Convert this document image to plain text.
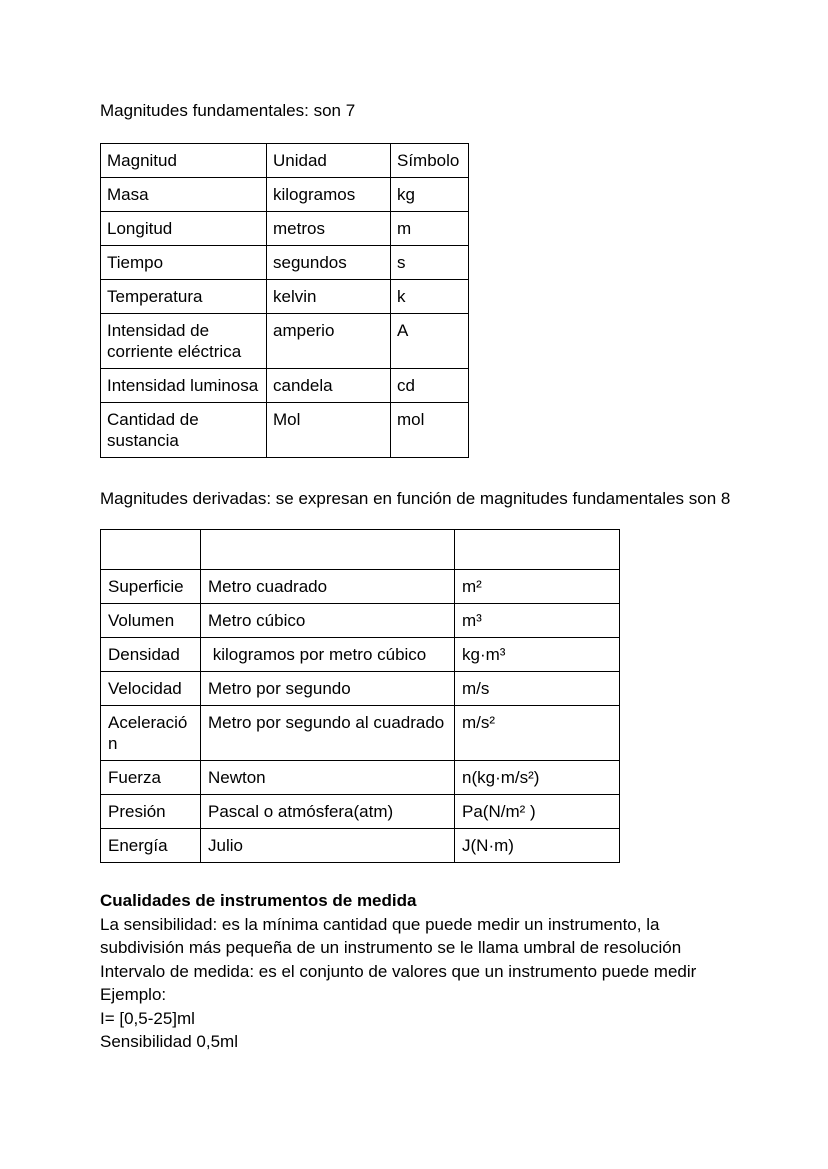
Magnitudes fundamentales: son 7
Magnitud	Unidad	Símbolo
Masa	kilogramos	kg
Longitud	metros	m
Tiempo	segundos	s
Temperatura	kelvin	k
Intensidad de corriente eléctrica	amperio	A
Intensidad luminosa	candela	cd
Cantidad de sustancia	Mol	mol
Magnitudes derivadas: se expresan en función de magnitudes fundamentales son 8

Superficie	Metro cuadrado	m²
Volumen	Metro cúbico	m³
Densidad	kilogramos por metro cúbico	kg·m³
Velocidad	Metro por segundo	m/s
Aceleración	Metro por segundo al cuadrado	m/s²
Fuerza	Newton	n(kg·m/s²)
Presión	Pascal o atmósfera(atm)	Pa(N/m² )
Energía	Julio	J(N·m)
Cualidades de instrumentos de medida
La sensibilidad: es la mínima cantidad que puede medir un instrumento, la subdivisión más pequeña de un instrumento se le llama umbral de resolución
Intervalo de medida: es el conjunto de valores que un instrumento puede medir
Ejemplo:
I= [0,5-25]ml
Sensibilidad 0,5ml
